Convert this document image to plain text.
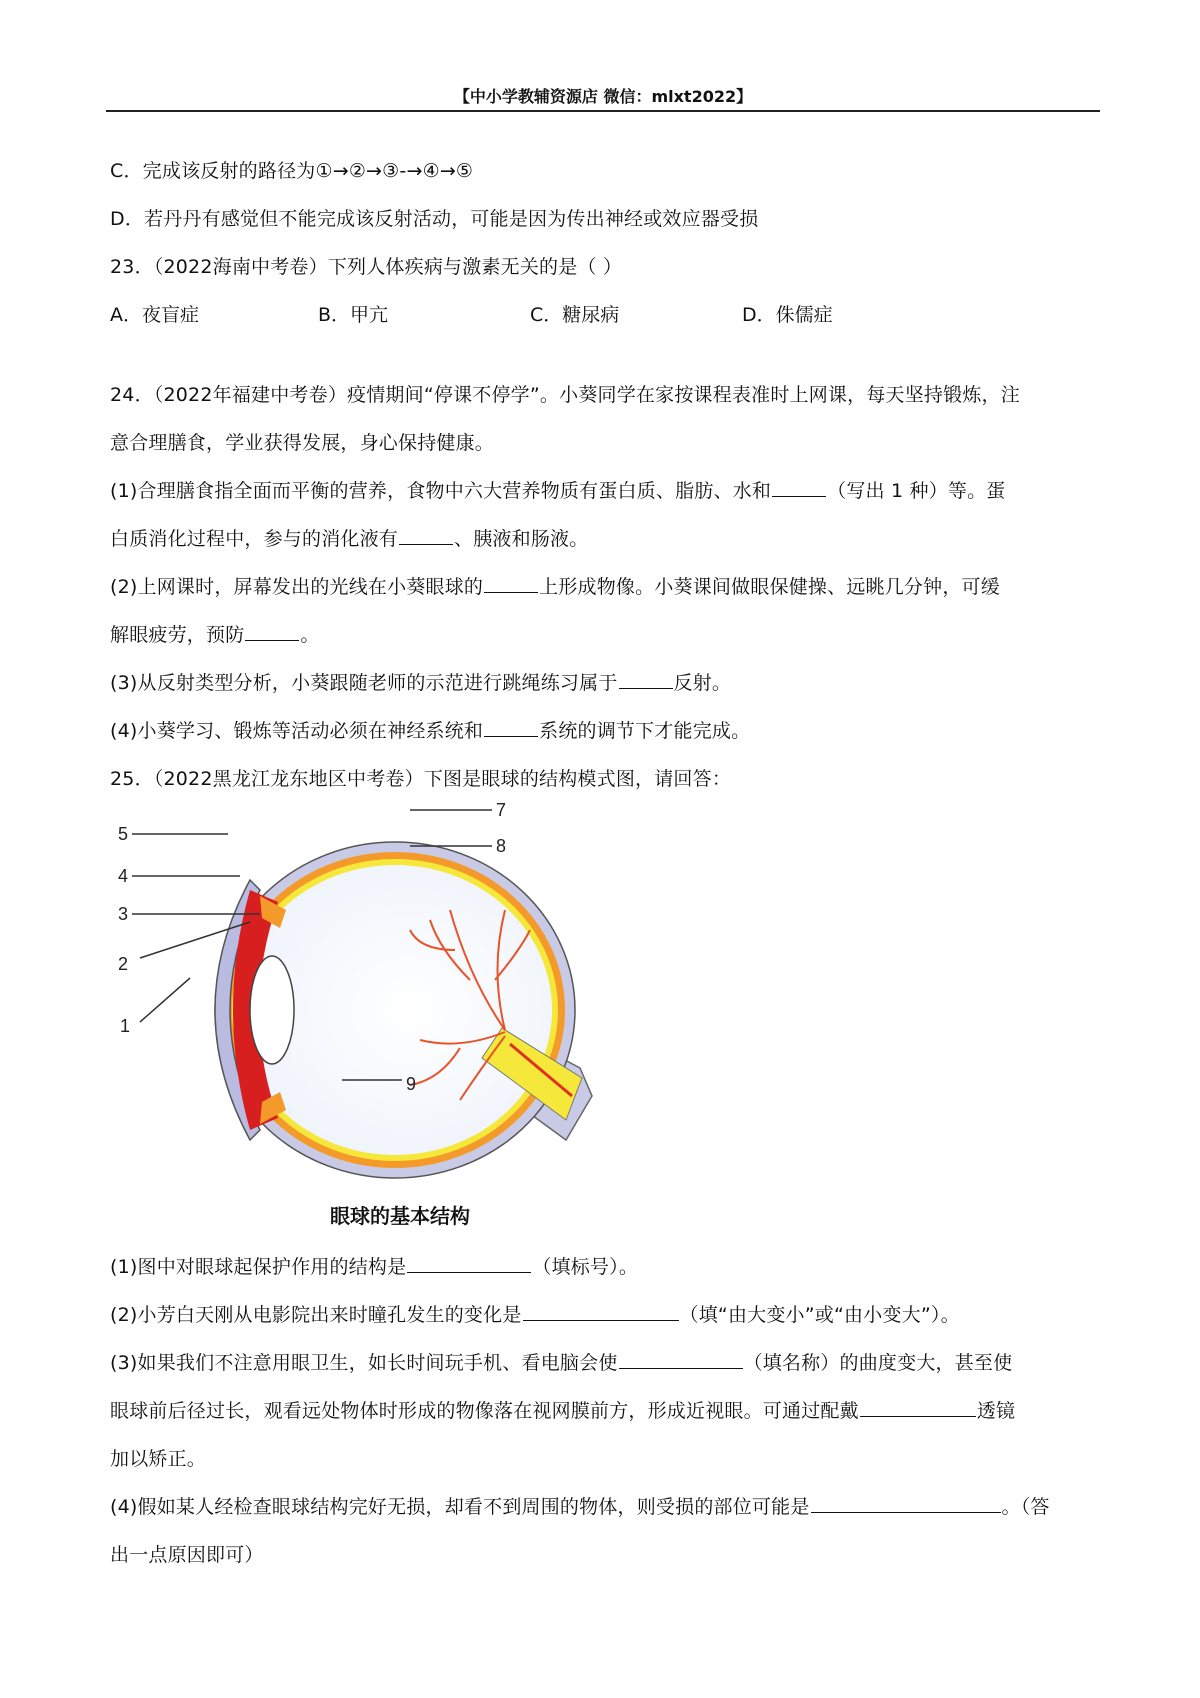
【中小学教辅资源店 微信：mlxt2022】
C．完成该反射的路径为①→②→③-→④→⑤
D．若丹丹有感觉但不能完成该反射活动，可能是因为传出神经或效应器受损
23．（2022海南中考卷）下列人体疾病与激素无关的是（ ）
A．夜盲症	B．甲亢	C．糖尿病	D．侏儒症
24．（2022年福建中考卷）疫情期间“停课不停学”。小葵同学在家按课程表准时上网课，每天坚持锻炼，注
意合理膳食，学业获得发展，身心保持健康。
(1)合理膳食指全面而平衡的营养，食物中六大营养物质有蛋白质、脂肪、水和	（写出 1 种）等。蛋
白质消化过程中，参与的消化液有	、胰液和肠液。
(2)上网课时，屏幕发出的光线在小葵眼球的	上形成物像。小葵课间做眼保健操、远眺几分钟，可缓
解眼疲劳，预防	。
(3)从反射类型分析，小葵跟随老师的示范进行跳绳练习属于	反射。
(4)小葵学习、锻炼等活动必须在神经系统和	系统的调节下才能完成。
25．（2022黑龙江龙东地区中考卷）下图是眼球的结构模式图，请回答：
5
4
3
2
1
7
8
9
眼球的基本结构
(1)图中对眼球起保护作用的结构是	（填标号）。
(2)小芳白天刚从电影院出来时瞳孔发生的变化是	（填“由大变小”或“由小变大”）。
(3)如果我们不注意用眼卫生，如长时间玩手机、看电脑会使	（填名称）的曲度变大，甚至使
眼球前后径过长，观看远处物体时形成的物像落在视网膜前方，形成近视眼。可通过配戴	透镜
加以矫正。
(4)假如某人经检查眼球结构完好无损，却看不到周围的物体，则受损的部位可能是	。（答
出一点原因即可）
